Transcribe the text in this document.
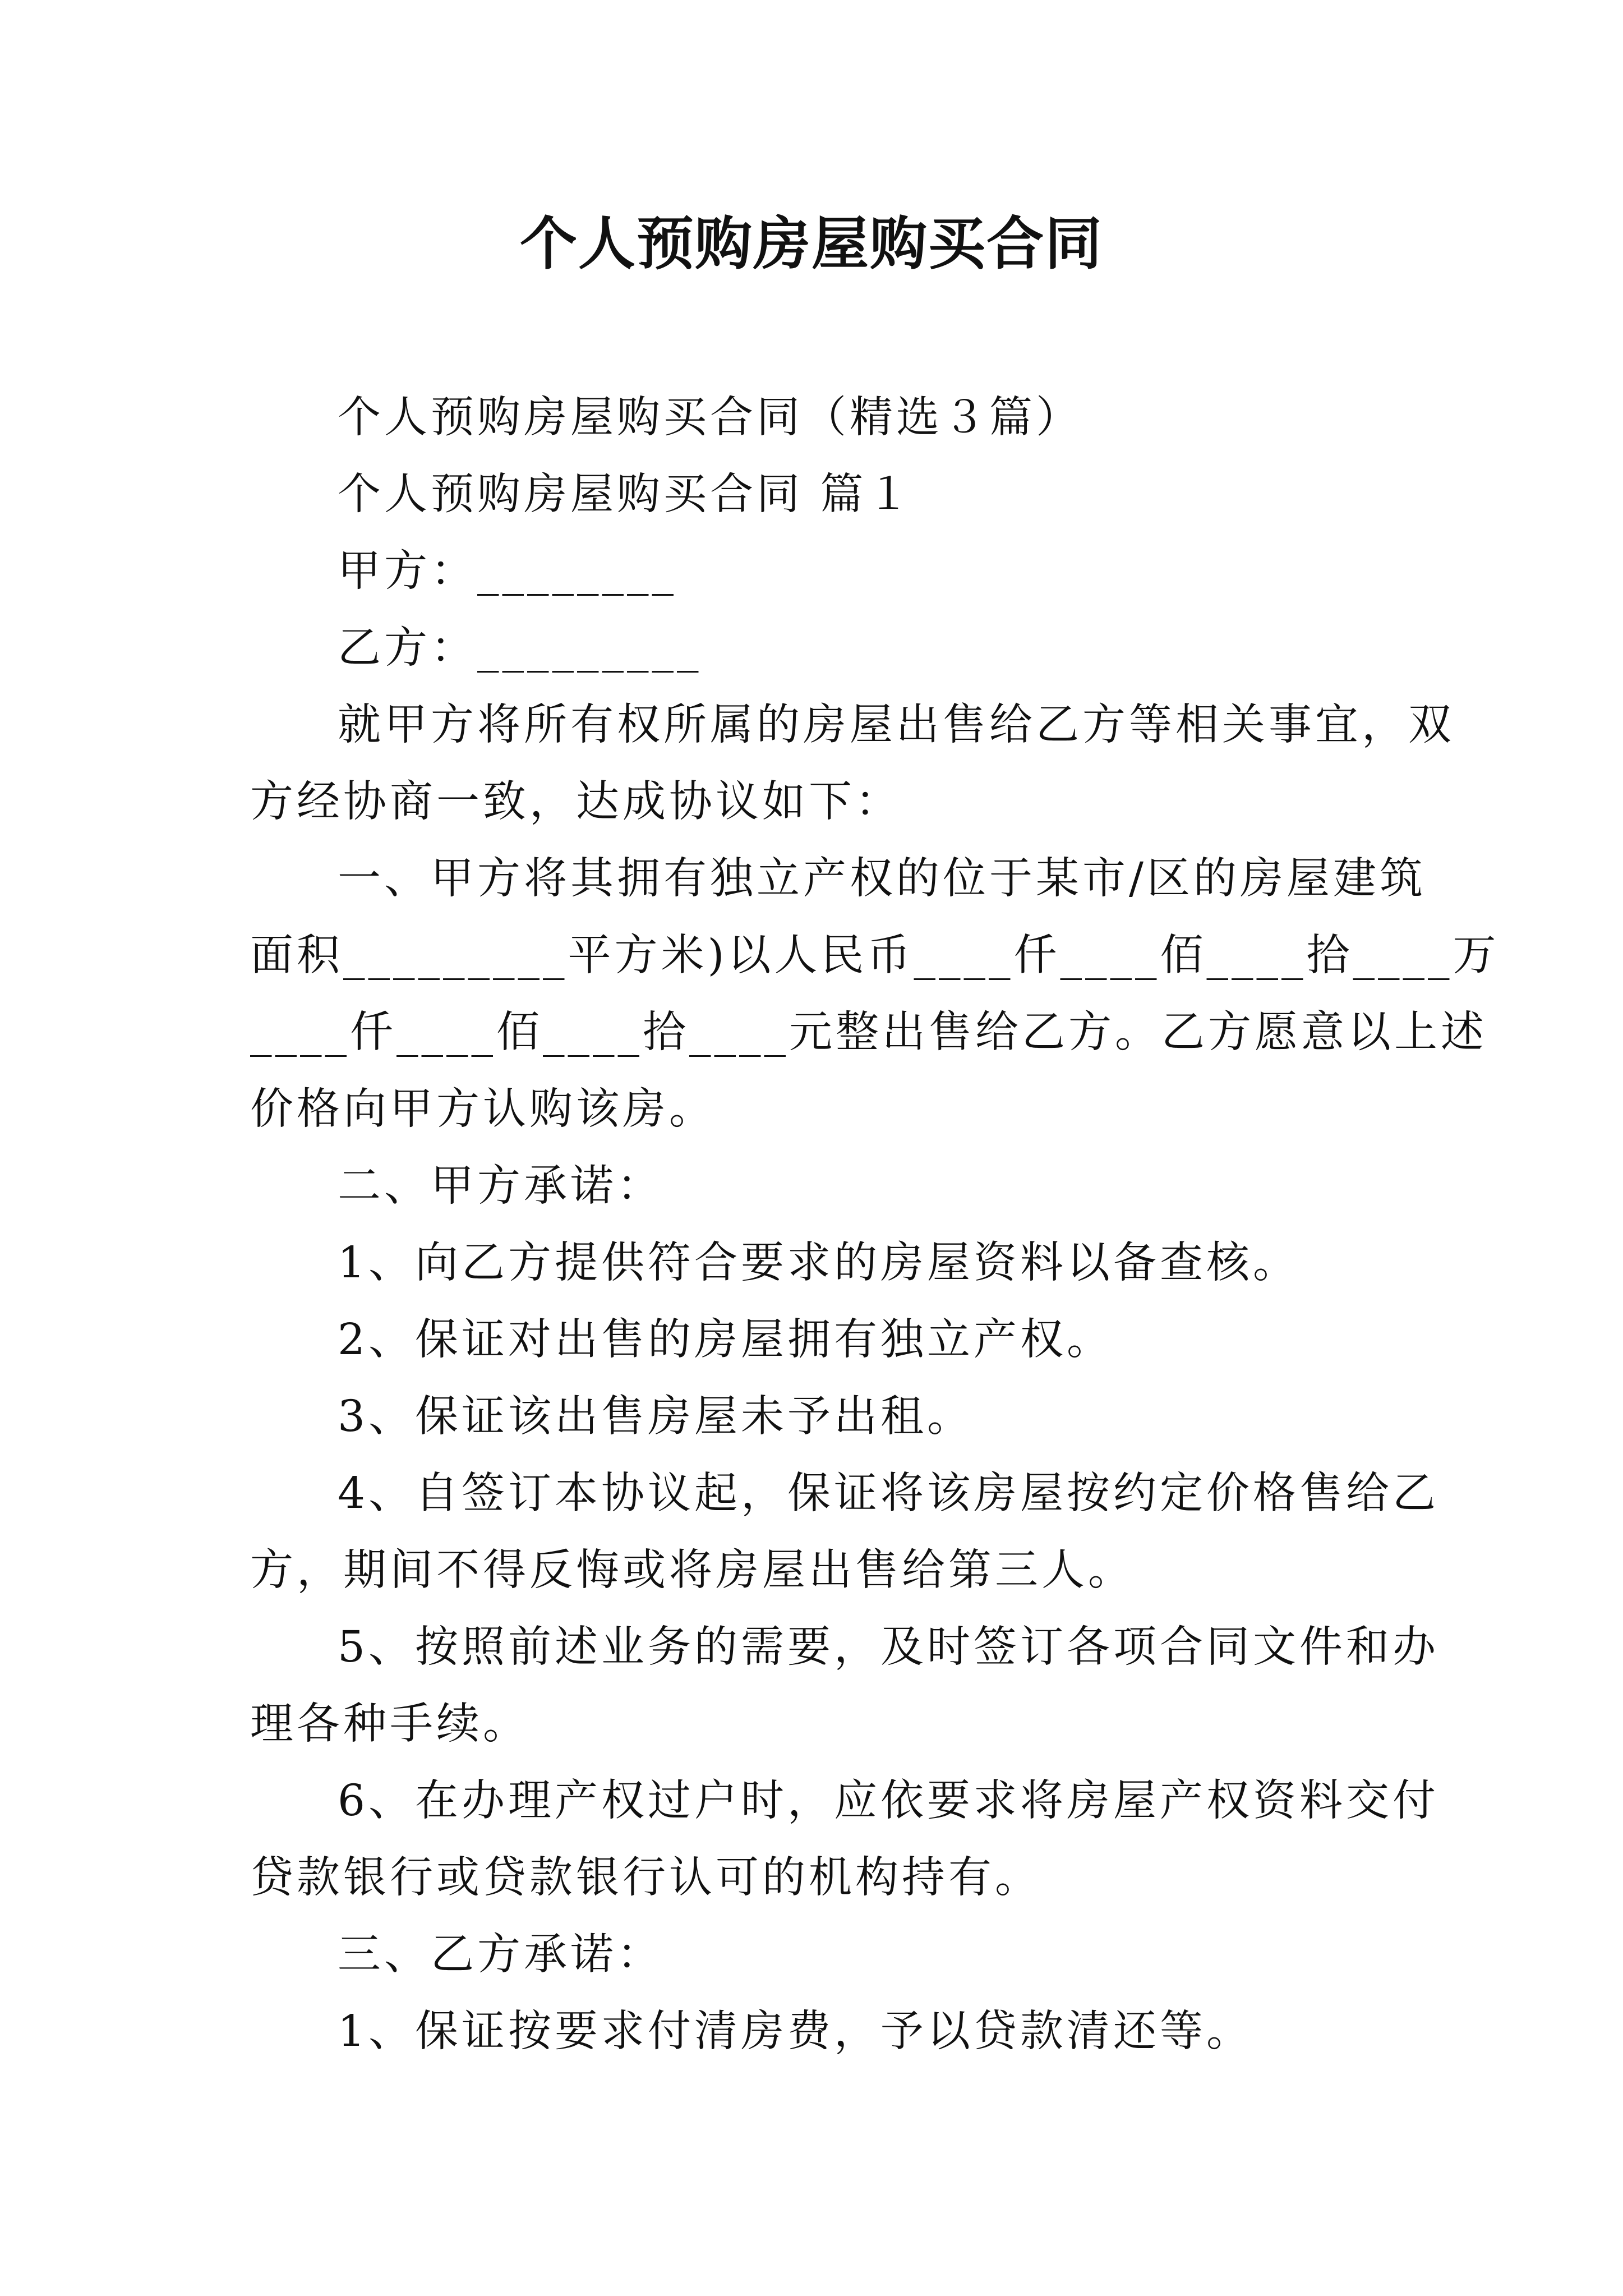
个人预购房屋购买合同

个人预购房屋购买合同（精选３篇）

个人预购房屋购买合同 篇１

甲方：________

乙方：_________

就甲方将所有权所属的房屋出售给乙方等相关事宜，双

方经协商一致，达成协议如下：

一、甲方将其拥有独立产权的位于某市/区的房屋建筑

面积_________平方米)以人民币____仟____佰____拾____万

____仟____佰____拾____元整出售给乙方。乙方愿意以上述

价格向甲方认购该房。

二、甲方承诺：

1、向乙方提供符合要求的房屋资料以备查核。

2、保证对出售的房屋拥有独立产权。

3、保证该出售房屋未予出租。

4、自签订本协议起，保证将该房屋按约定价格售给乙

方，期间不得反悔或将房屋出售给第三人。

5、按照前述业务的需要，及时签订各项合同文件和办

理各种手续。

6、在办理产权过户时，应依要求将房屋产权资料交付

贷款银行或贷款银行认可的机构持有。

三、乙方承诺：

1、保证按要求付清房费，予以贷款清还等。
